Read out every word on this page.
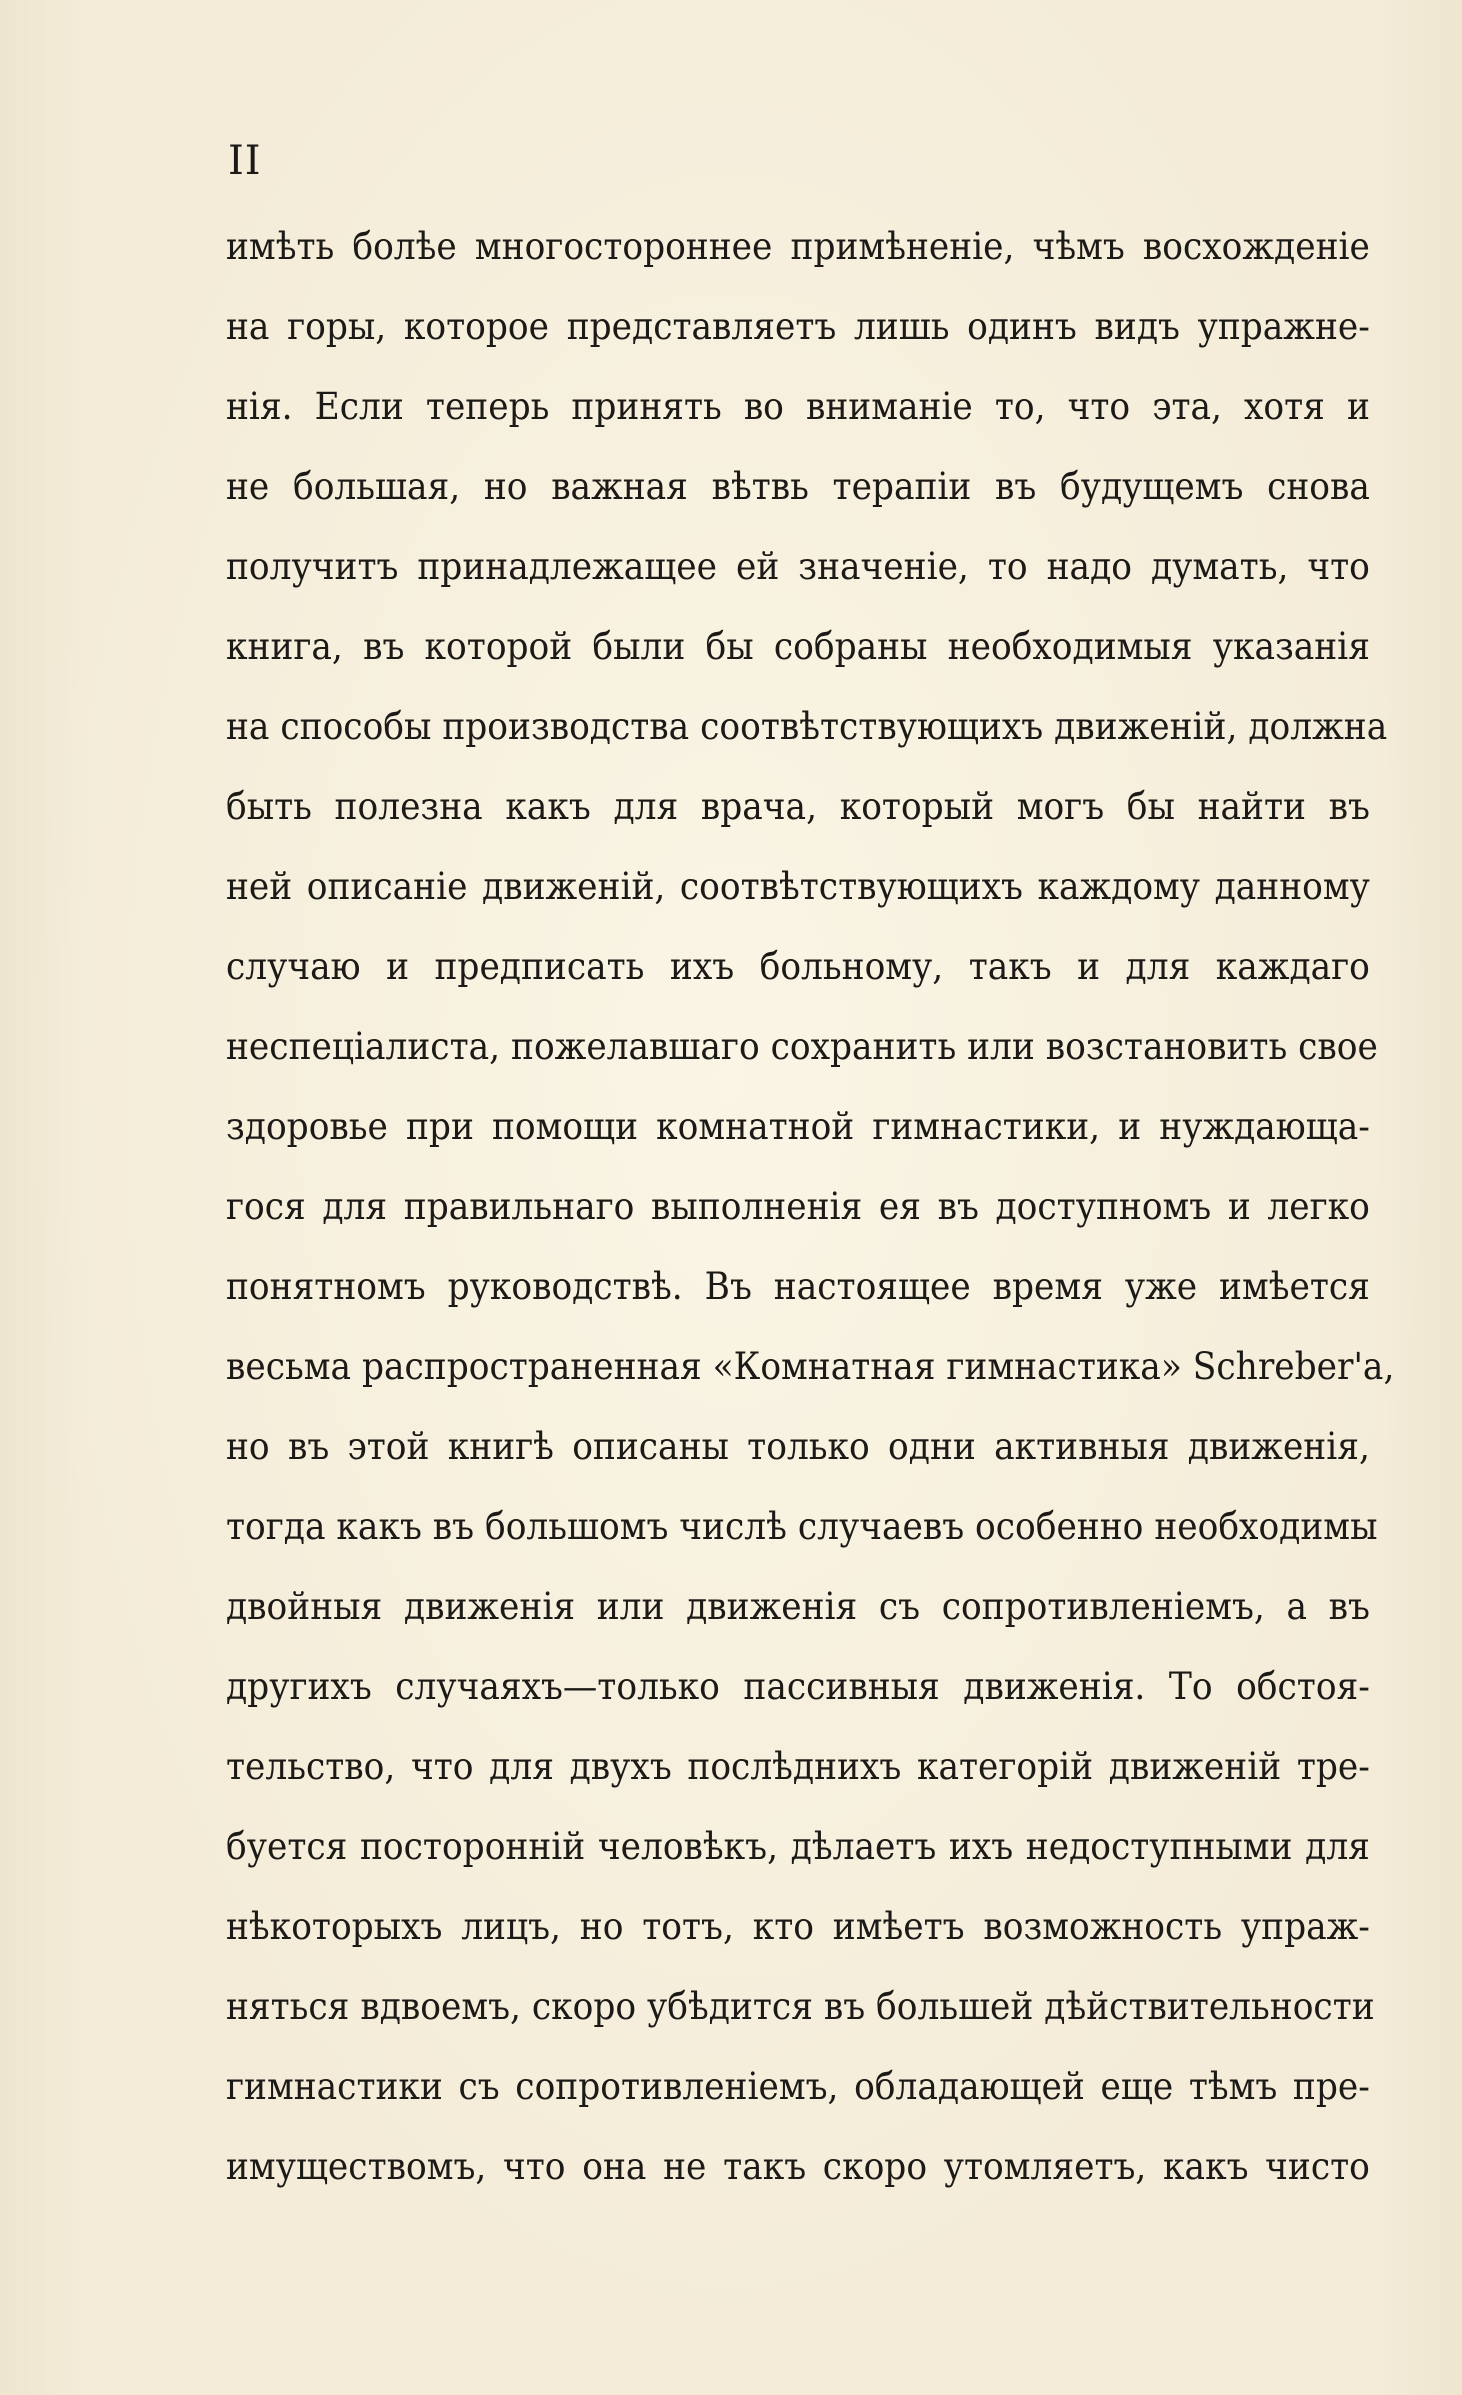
II
имѣть болѣе многостороннее примѣненіе, чѣмъ восхожденіе
на горы, которое представляетъ лишь одинъ видъ упражне-
нія. Если теперь принять во вниманіе то, что эта, хотя и
не большая, но важная вѣтвь терапіи въ будущемъ снова
получитъ принадлежащее ей значеніе, то надо думать, что
книга, въ которой были бы собраны необходимыя указанія
на способы производства соотвѣтствующихъ движеній, должна
быть полезна какъ для врача, который могъ бы найти въ
ней описаніе движеній, соотвѣтствующихъ каждому данному
случаю и предписать ихъ больному, такъ и для каждаго
неспеціалиста, пожелавшаго сохранить или возстановить свое
здоровье при помощи комнатной гимнастики, и нуждающа-
гося для правильнаго выполненія ея въ доступномъ и легко
понятномъ руководствѣ. Въ настоящее время уже имѣется
весьма распространенная «Комнатная гимнастика» Schreber'а,
но въ этой книгѣ описаны только одни активныя движенія,
тогда какъ въ большомъ числѣ случаевъ особенно необходимы
двойныя движенія или движенія съ сопротивленіемъ, а въ
другихъ случаяхъ—только пассивныя движенія. То обстоя-
тельство, что для двухъ послѣднихъ категорій движеній тре-
буется посторонній человѣкъ, дѣлаетъ ихъ недоступными для
нѣкоторыхъ лицъ, но тотъ, кто имѣетъ возможность упраж-
няться вдвоемъ, скоро убѣдится въ большей дѣйствительности
гимнастики съ сопротивленіемъ, обладающей еще тѣмъ пре-
имуществомъ, что она не такъ скоро утомляетъ, какъ чисто
